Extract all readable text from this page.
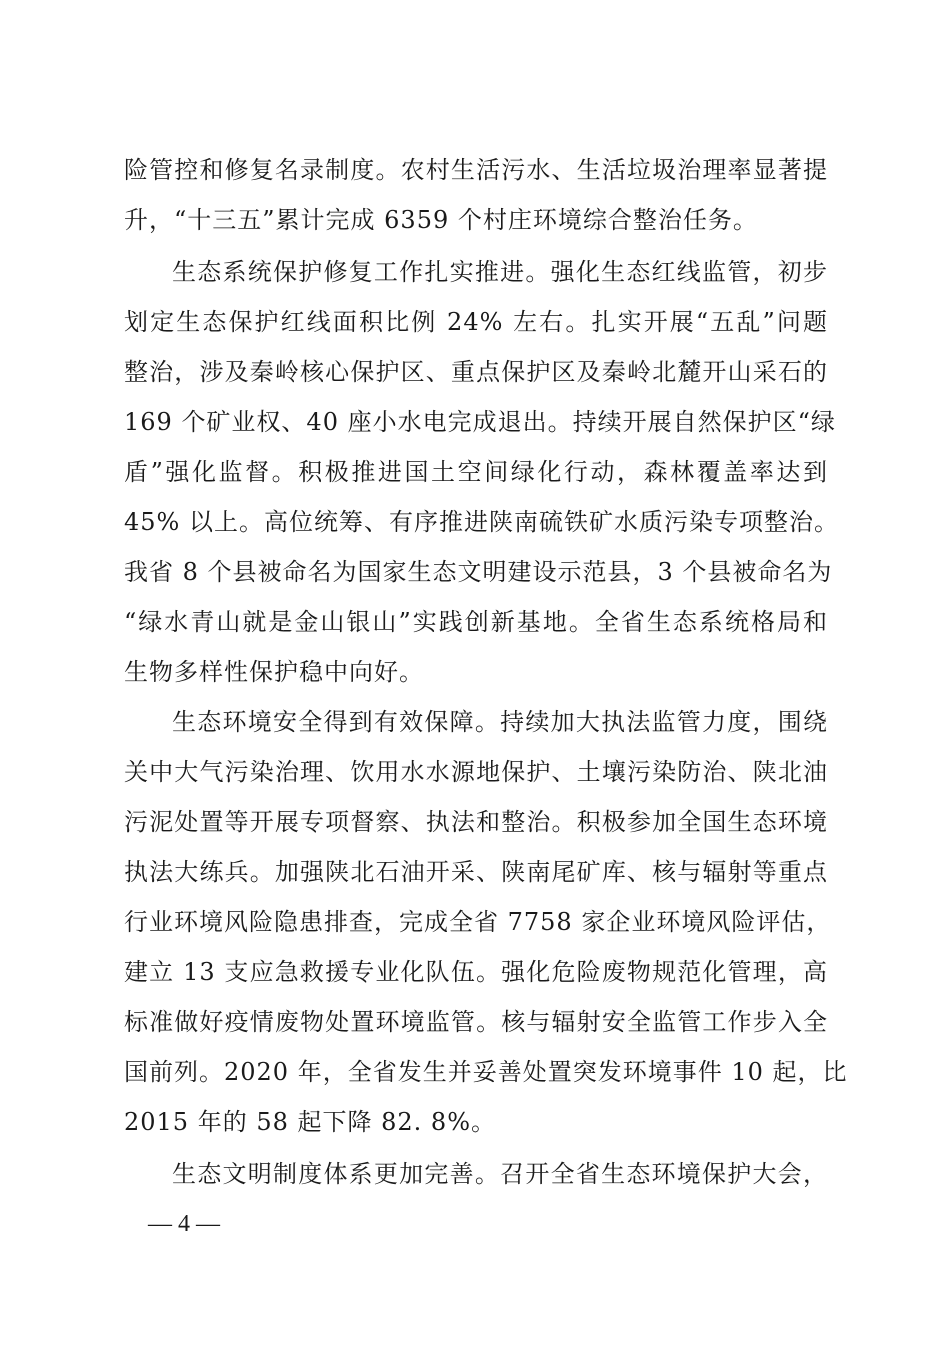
险管控和修复名录制度。农村生活污水、生活垃圾治理率显著提
升，“十三五”累计完成 6359 个村庄环境综合整治任务。
生态系统保护修复工作扎实推进。强化生态红线监管，初步
划定生态保护红线面积比例 24% 左右。扎实开展“五乱”问题
整治，涉及秦岭核心保护区、重点保护区及秦岭北麓开山采石的
169 个矿业权、40 座小水电完成退出。持续开展自然保护区“绿
盾”强化监督。积极推进国土空间绿化行动，森林覆盖率达到
45% 以上。高位统筹、有序推进陕南硫铁矿水质污染专项整治。
我省 8 个县被命名为国家生态文明建设示范县，3 个县被命名为
“绿水青山就是金山银山”实践创新基地。全省生态系统格局和
生物多样性保护稳中向好。
生态环境安全得到有效保障。持续加大执法监管力度，围绕
关中大气污染治理、饮用水水源地保护、土壤污染防治、陕北油
污泥处置等开展专项督察、执法和整治。积极参加全国生态环境
执法大练兵。加强陕北石油开采、陕南尾矿库、核与辐射等重点
行业环境风险隐患排查，完成全省 7758 家企业环境风险评估，
建立 13 支应急救援专业化队伍。强化危险废物规范化管理，高
标准做好疫情废物处置环境监管。核与辐射安全监管工作步入全
国前列。2020 年，全省发生并妥善处置突发环境事件 10 起，比
2015 年的 58 起下降 82. 8%。
生态文明制度体系更加完善。召开全省生态环境保护大会，
— 4 —
